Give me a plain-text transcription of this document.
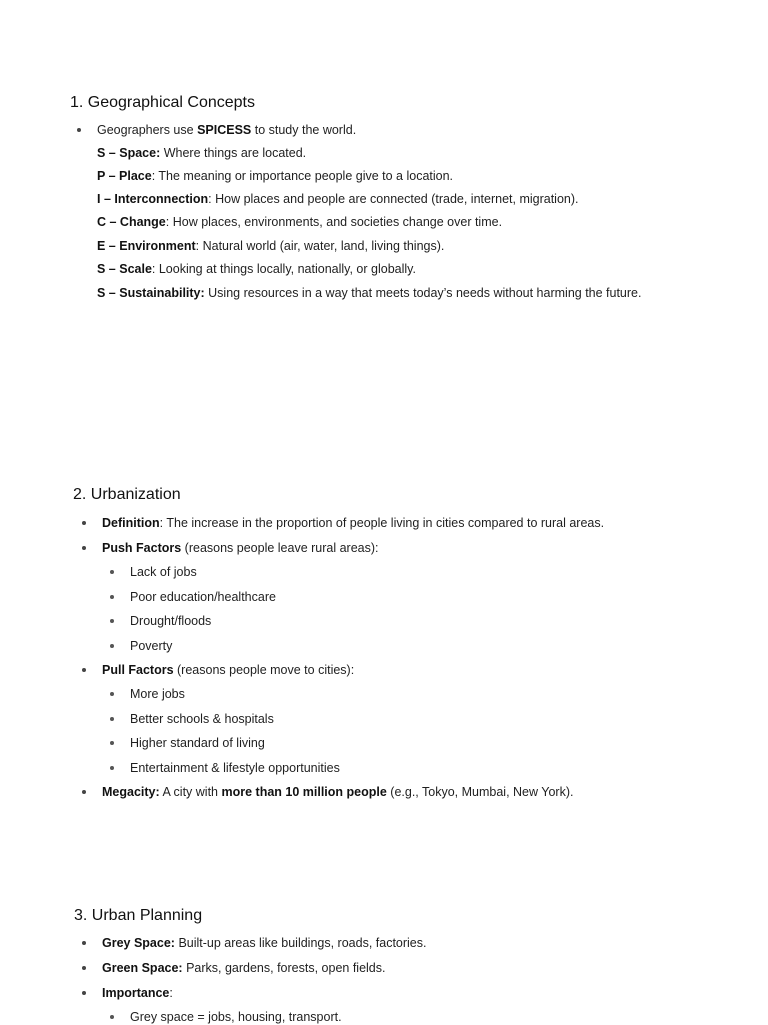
1. Geographical Concepts
Geographers use SPICESS to study the world.
S – Space: Where things are located.
P – Place: The meaning or importance people give to a location.
I – Interconnection: How places and people are connected (trade, internet, migration).
C – Change: How places, environments, and societies change over time.
E – Environment: Natural world (air, water, land, living things).
S – Scale: Looking at things locally, nationally, or globally.
S – Sustainability: Using resources in a way that meets today’s needs without harming the future.
2. Urbanization
Definition: The increase in the proportion of people living in cities compared to rural areas.
Push Factors (reasons people leave rural areas):
Lack of jobs
Poor education/healthcare
Drought/floods
Poverty
Pull Factors (reasons people move to cities):
More jobs
Better schools & hospitals
Higher standard of living
Entertainment & lifestyle opportunities
Megacity: A city with more than 10 million people (e.g., Tokyo, Mumbai, New York).
3. Urban Planning
Grey Space: Built-up areas like buildings, roads, factories.
Green Space: Parks, gardens, forests, open fields.
Importance:
Grey space = jobs, housing, transport.
